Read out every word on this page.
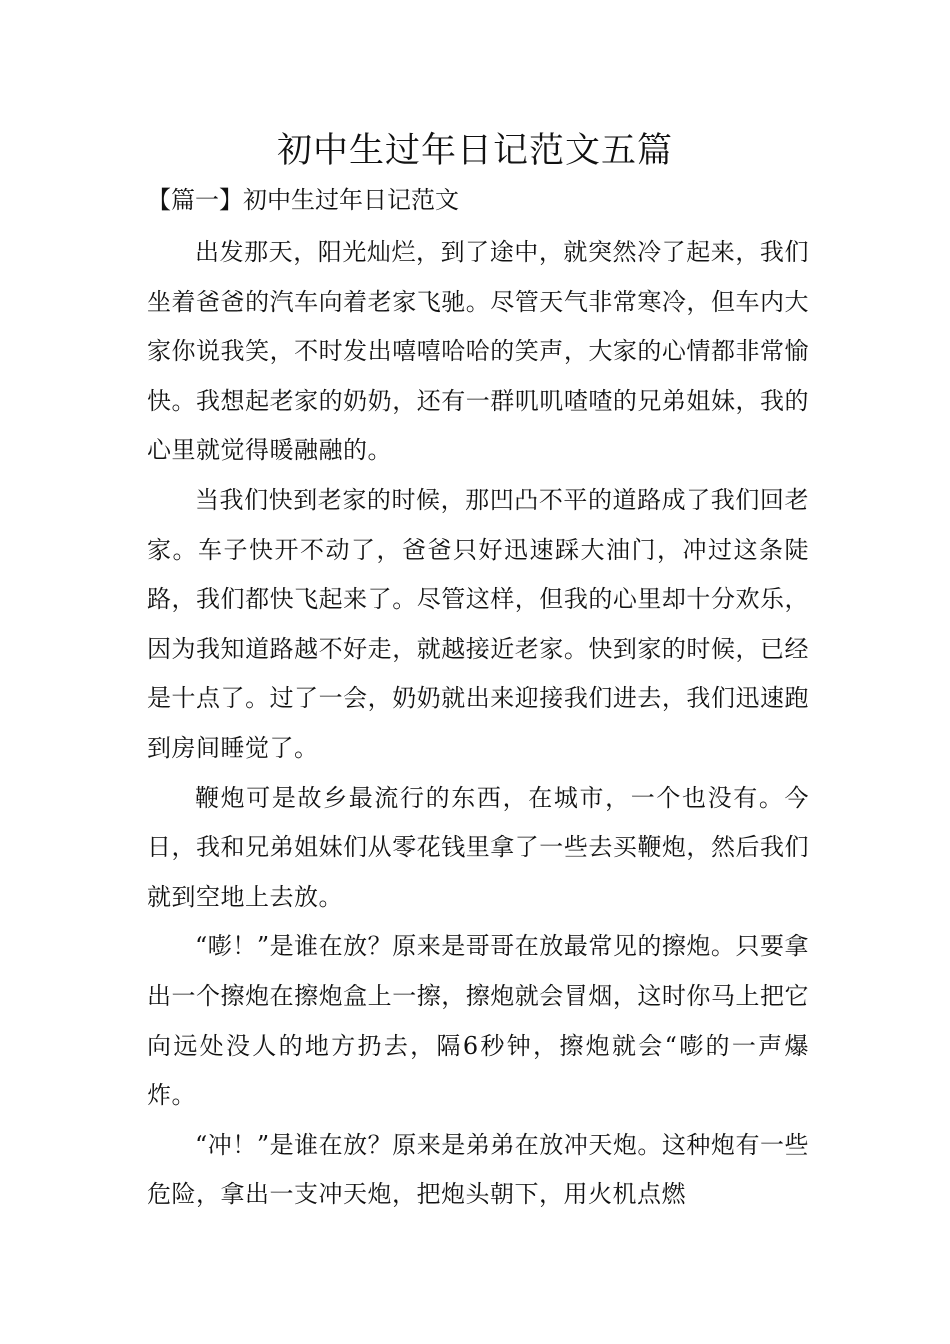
初中生过年日记范文五篇
【篇一】初中生过年日记范文

出发那天，阳光灿烂，到了途中，就突然冷了起来，我们坐着爸爸的汽车向着老家飞驰。尽管天气非常寒冷，但车内大家你说我笑，不时发出嘻嘻哈哈的笑声，大家的心情都非常愉快。我想起老家的奶奶，还有一群叽叽喳喳的兄弟姐妹，我的心里就觉得暖融融的。

当我们快到老家的时候，那凹凸不平的道路成了我们回老家。车子快开不动了，爸爸只好迅速踩大油门，冲过这条陡路，我们都快飞起来了。尽管这样，但我的心里却十分欢乐，因为我知道路越不好走，就越接近老家。快到家的时候，已经是十点了。过了一会，奶奶就出来迎接我们进去，我们迅速跑到房间睡觉了。

鞭炮可是故乡最流行的东西，在城市，一个也没有。今日，我和兄弟姐妹们从零花钱里拿了一些去买鞭炮，然后我们就到空地上去放。

“嘭！”是谁在放？原来是哥哥在放最常见的擦炮。只要拿出一个擦炮在擦炮盒上一擦，擦炮就会冒烟，这时你马上把它向远处没人的地方扔去，隔6秒钟，擦炮就会“嘭的一声爆炸。

“冲！”是谁在放？原来是弟弟在放冲天炮。这种炮有一些危险，拿出一支冲天炮，把炮头朝下，用火机点燃
